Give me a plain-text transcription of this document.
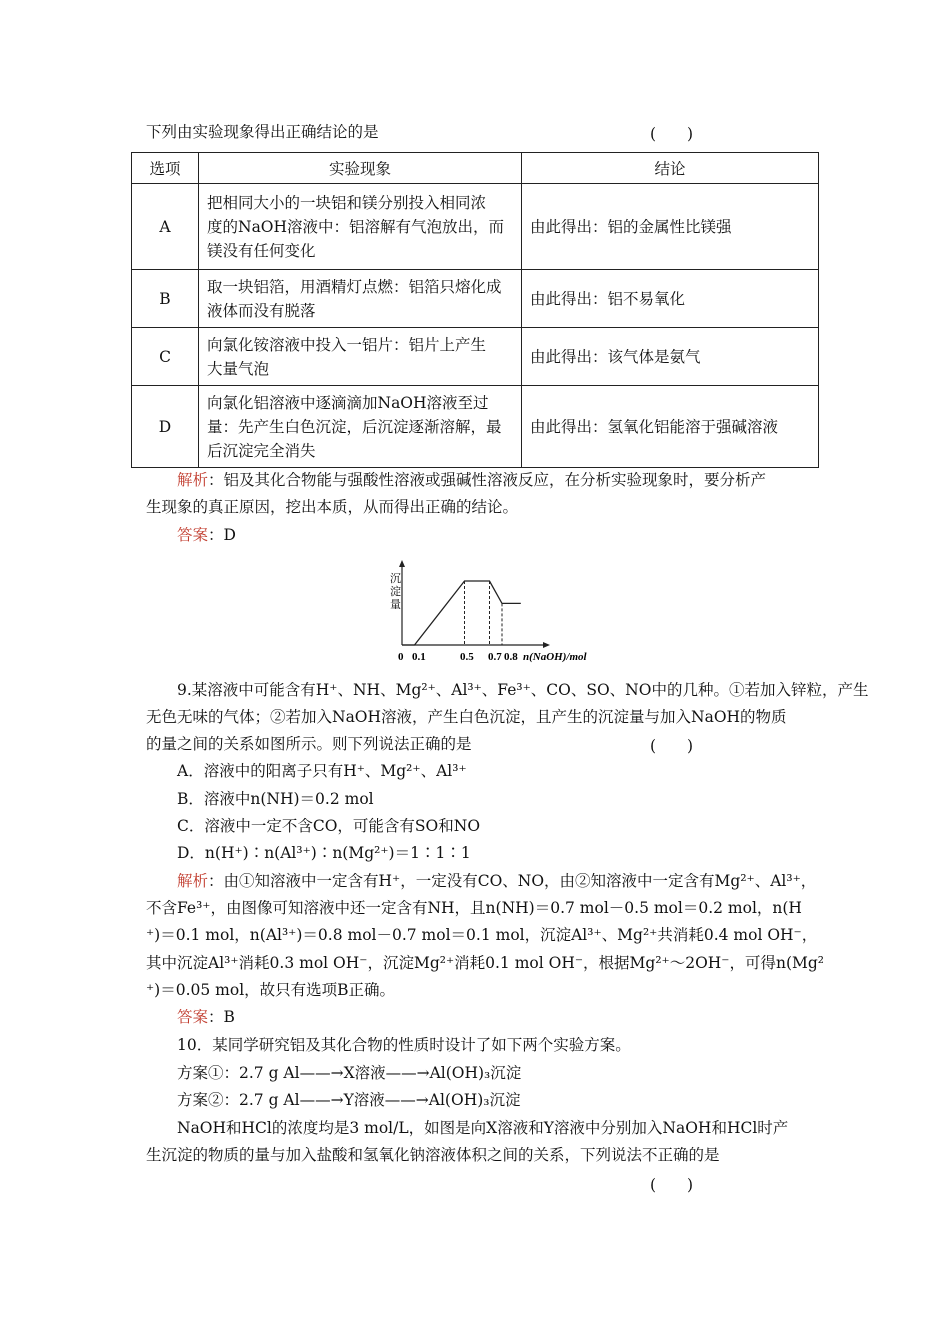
下列由实验现象得出正确结论的是	(　　)
选项	实验现象	结论
A	把相同大小的一块铝和镁分别投入相同浓
度的NaOH溶液中：铝溶解有气泡放出，而
镁没有任何变化	由此得出：铝的金属性比镁强
B	取一块铝箔，用酒精灯点燃：铝箔只熔化成
液体而没有脱落	由此得出：铝不易氧化
C	向氯化铵溶液中投入一铝片：铝片上产生
大量气泡	由此得出：该气体是氨气
D	向氯化铝溶液中逐滴滴加NaOH溶液至过
量：先产生白色沉淀，后沉淀逐渐溶解，最
后沉淀完全消失	由此得出：氢氧化铝能溶于强碱溶液
解析：铝及其化合物能与强酸性溶液或强碱性溶液反应，在分析实验现象时，要分析产
生现象的真正原因，挖出本质，从而得出正确的结论。
答案：D
沉
淀
量
0 0.1	0.5 0.7 0.8 n(NaOH)/mol
9.某溶液中可能含有H⁺、NH、Mg²⁺、Al³⁺、Fe³⁺、CO、SO、NO中的几种。①若加入锌粒，产生
无色无味的气体；②若加入NaOH溶液，产生白色沉淀，且产生的沉淀量与加入NaOH的物质
的量之间的关系如图所示。则下列说法正确的是	(　　)
A．溶液中的阳离子只有H⁺、Mg²⁺、Al³⁺
B．溶液中n(NH)＝0.2 mol
C．溶液中一定不含CO，可能含有SO和NO
D．n(H⁺)∶n(Al³⁺)∶n(Mg²⁺)＝1∶1∶1
解析：由①知溶液中一定含有H⁺，一定没有CO、NO，由②知溶液中一定含有Mg²⁺、Al³⁺，
不含Fe³⁺，由图像可知溶液中还一定含有NH，且n(NH)＝0.7 mol－0.5 mol＝0.2 mol，n(H
⁺)＝0.1 mol，n(Al³⁺)＝0.8 mol－0.7 mol＝0.1 mol，沉淀Al³⁺、Mg²⁺共消耗0.4 mol OH⁻，
其中沉淀Al³⁺消耗0.3 mol OH⁻，沉淀Mg²⁺消耗0.1 mol OH⁻，根据Mg²⁺～2OH⁻，可得n(Mg²
⁺)＝0.05 mol，故只有选项B正确。
答案：B
10．某同学研究铝及其化合物的性质时设计了如下两个实验方案。
方案①：2.7 g Al——→X溶液——→Al(OH)₃沉淀
方案②：2.7 g Al——→Y溶液——→Al(OH)₃沉淀
NaOH和HCl的浓度均是3 mol/L，如图是向X溶液和Y溶液中分别加入NaOH和HCl时产
生沉淀的物质的量与加入盐酸和氢氧化钠溶液体积之间的关系，下列说法不正确的是
(　　)
